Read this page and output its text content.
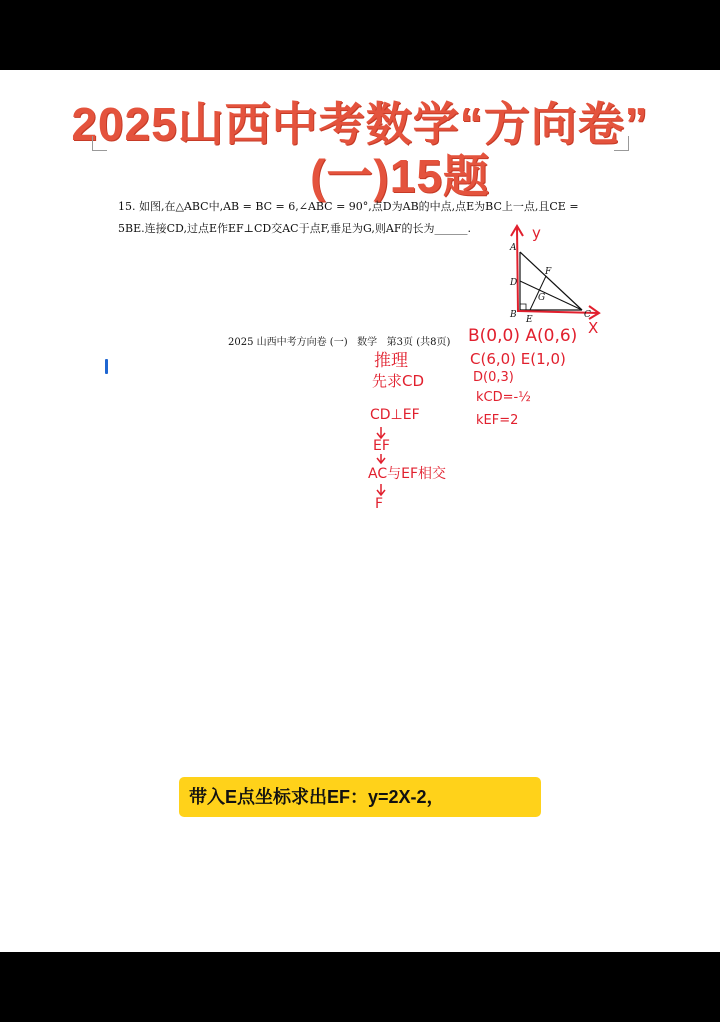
2025山西中考数学“方向卷”
(一)15题
15. 如图,在△ABC中,AB = BC = 6,∠ABC = 90°,点D为AB的中点,点E为BC上一点,且CE =
5BE.连接CD,过点E作EF⊥CD交AC于点F,垂足为G,则AF的长为______.
A
B	C
D
E
F
G
y
X
2025 山西中考方向卷 (一)   数学   第3页 (共8页)
推理
先求CD
CD⊥EF
EF
AC与EF相交
F
B(0,0) A(0,6)
C(6,0) E(1,0)
D(0,3)
kCD=-½
kEF=2
带入E点坐标求出EF：y=2X-2，
